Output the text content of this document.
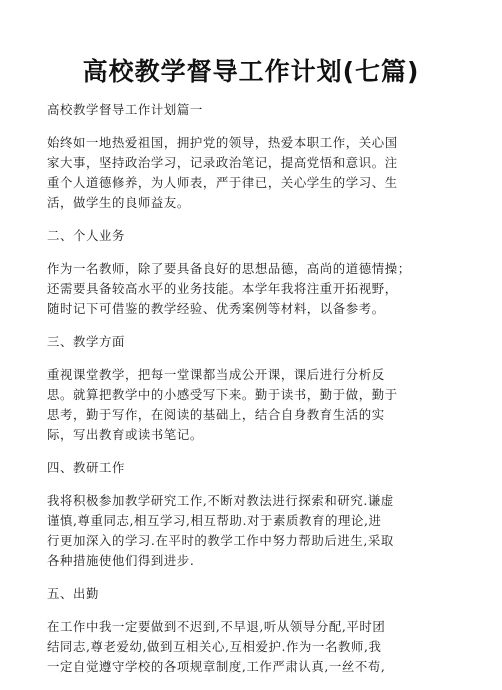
高校教学督导工作计划(七篇)
高校教学督导工作计划篇一
始终如一地热爱祖国，拥护党的领导，热爱本职工作，关心国
家大事，坚持政治学习，记录政治笔记，提高党悟和意识。注
重个人道德修养，为人师表，严于律已，关心学生的学习、生
活，做学生的良师益友。
二、个人业务
作为一名教师，除了要具备良好的思想品德，高尚的道德情操；
还需要具备较高水平的业务技能。本学年我将注重开拓视野，
随时记下可借鉴的教学经验、优秀案例等材料，以备参考。
三、教学方面
重视课堂教学，把每一堂课都当成公开课，课后进行分析反
思。就算把教学中的小感受写下来。勤于读书，勤于做，勤于
思考，勤于写作，在阅读的基础上，结合自身教育生活的实
际，写出教育或读书笔记。
四、教研工作
我将积极参加教学研究工作,不断对教法进行探索和研究.谦虚
谨慎,尊重同志,相互学习,相互帮助.对于素质教育的理论,进
行更加深入的学习.在平时的教学工作中努力帮助后进生,采取
各种措施使他们得到进步.
五、出勤
在工作中我一定要做到不迟到,不早退,听从领导分配,平时团
结同志,尊老爱幼,做到互相关心,互相爱护.作为一名教师,我
一定自觉遵守学校的各项规章制度,工作严肃认真,一丝不苟,
